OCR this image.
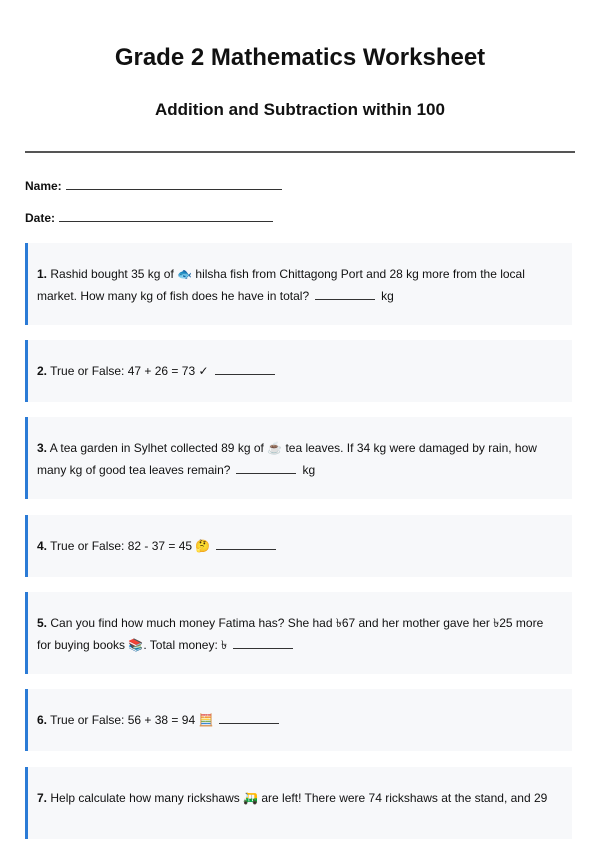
Grade 2 Mathematics Worksheet
Addition and Subtraction within 100
Name:
Date:
1. Rashid bought 35 kg of 🐟 hilsha fish from Chittagong Port and 28 kg more from the local market. How many kg of fish does he have in total?	kg
2. True or False: 47 + 26 = 73 ✓
3. A tea garden in Sylhet collected 89 kg of ☕ tea leaves. If 34 kg were damaged by rain, how many kg of good tea leaves remain?	kg
4. True or False: 82 - 37 = 45 🤔
5. Can you find how much money Fatima has? She had ৳67 and her mother gave her ৳25 more for buying books 📚. Total money: ৳
6. True or False: 56 + 38 = 94 🧮
7. Help calculate how many rickshaws 🛺 are left! There were 74 rickshaws at the stand, and 29
